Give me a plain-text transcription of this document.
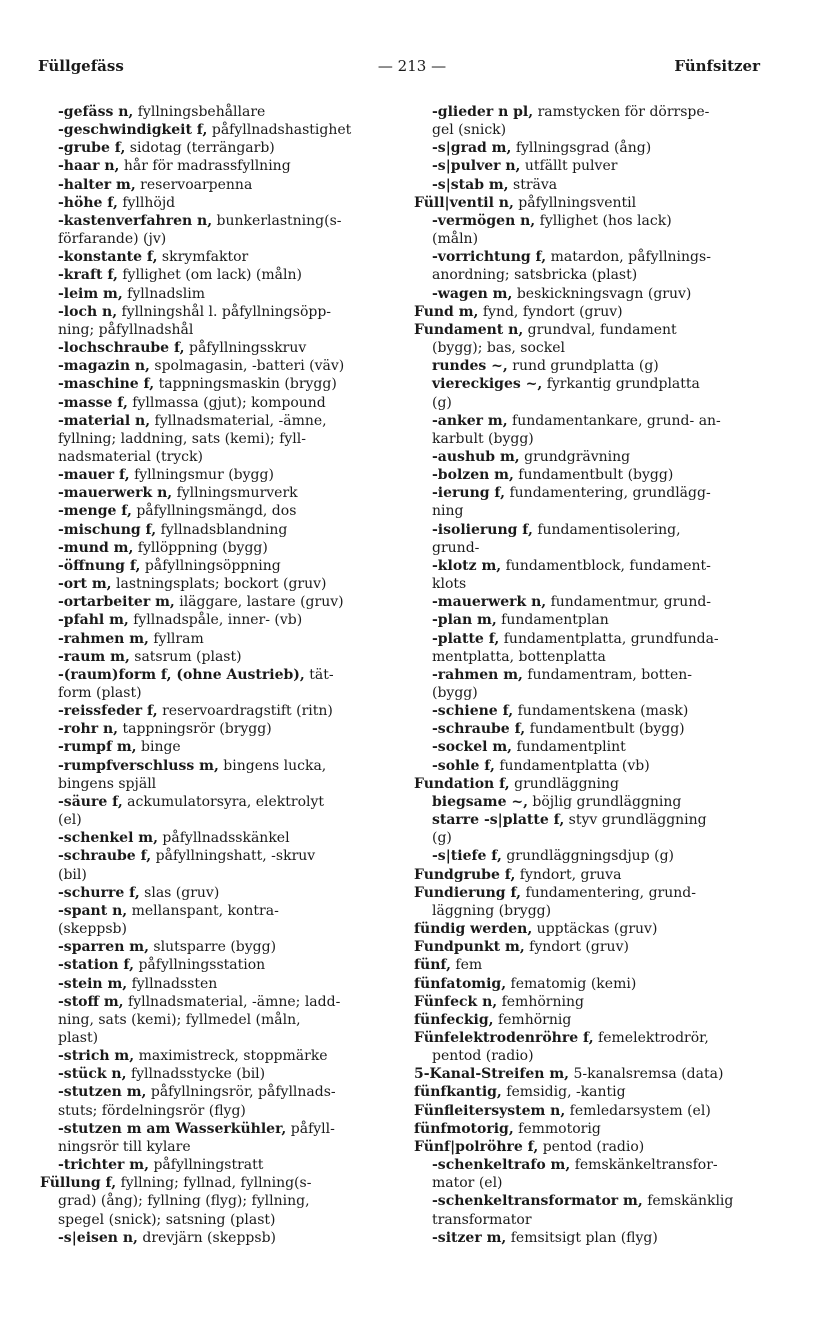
Füllgefäss	— 213 —	Fünfsitzer
-gefäss n, fyllningsbehållare
-geschwindigkeit f, påfyllnadshastighet
-grube f, sidotag (terrängarb)
-haar n, hår för madrassfyllning
-halter m, reservoarpenna
-höhe f, fyllhöjd
-kastenverfahren n, bunkerlastning(s-
förfarande) (jv)
-konstante f, skrymfaktor
-kraft f, fyllighet (om lack) (måln)
-leim m, fyllnadslim
-loch n, fyllningshål l. påfyllningsöpp-
ning; påfyllnadshål
-lochschraube f, påfyllningsskruv
-magazin n, spolmagasin, -batteri (väv)
-maschine f, tappningsmaskin (brygg)
-masse f, fyllmassa (gjut); kompound
-material n, fyllnadsmaterial, -ämne,
fyllning; laddning, sats (kemi); fyll-
nadsmaterial (tryck)
-mauer f, fyllningsmur (bygg)
-mauerwerk n, fyllningsmurverk
-menge f, påfyllningsmängd, dos
-mischung f, fyllnadsblandning
-mund m, fyllöppning (bygg)
-öffnung f, påfyllningsöppning
-ort m, lastningsplats; bockort (gruv)
-ortarbeiter m, iläggare, lastare (gruv)
-pfahl m, fyllnadspåle, inner- (vb)
-rahmen m, fyllram
-raum m, satsrum (plast)
-(raum)form f, (ohne Austrieb), tät-
form (plast)
-reissfeder f, reservoardragstift (ritn)
-rohr n, tappningsrör (brygg)
-rumpf m, binge
-rumpfverschluss m, bingens lucka,
bingens spjäll
-säure f, ackumulatorsyra, elektrolyt
(el)
-schenkel m, påfyllnadsskänkel
-schraube f, påfyllningshatt, -skruv
(bil)
-schurre f, slas (gruv)
-spant n, mellanspant, kontra-
(skeppsb)
-sparren m, slutsparre (bygg)
-station f, påfyllningsstation
-stein m, fyllnadssten
-stoff m, fyllnadsmaterial, -ämne; ladd-
ning, sats (kemi); fyllmedel (måln,
plast)
-strich m, maximistreck, stoppmärke
-stück n, fyllnadsstycke (bil)
-stutzen m, påfyllningsrör, påfyllnads-
stuts; fördelningsrör (flyg)
-stutzen m am Wasserkühler, påfyll-
ningsrör till kylare
-trichter m, påfyllningstratt
Füllung f, fyllning; fyllnad, fyllning(s-
grad) (ång); fyllning (flyg); fyllning,
spegel (snick); satsning (plast)
-s|eisen n, drevjärn (skeppsb)
-glieder n pl, ramstycken för dörrspe-
gel (snick)
-s|grad m, fyllningsgrad (ång)
-s|pulver n, utfällt pulver
-s|stab m, sträva
Füll|ventil n, påfyllningsventil
-vermögen n, fyllighet (hos lack)
(måln)
-vorrichtung f, matardon, påfyllnings-
anordning; satsbricka (plast)
-wagen m, beskickningsvagn (gruv)
Fund m, fynd, fyndort (gruv)
Fundament n, grundval, fundament
(bygg); bas, sockel
rundes ~, rund grundplatta (g)
viereckiges ~, fyrkantig grundplatta
(g)
-anker m, fundamentankare, grund- an-
karbult (bygg)
-aushub m, grundgrävning
-bolzen m, fundamentbult (bygg)
-ierung f, fundamentering, grundlägg-
ning
-isolierung f, fundamentisolering,
grund-
-klotz m, fundamentblock, fundament-
klots
-mauerwerk n, fundamentmur, grund-
-plan m, fundamentplan
-platte f, fundamentplatta, grundfunda-
mentplatta, bottenplatta
-rahmen m, fundamentram, botten-
(bygg)
-schiene f, fundamentskena (mask)
-schraube f, fundamentbult (bygg)
-sockel m, fundamentplint
-sohle f, fundamentplatta (vb)
Fundation f, grundläggning
biegsame ~, böjlig grundläggning
starre -s|platte f, styv grundläggning
(g)
-s|tiefe f, grundläggningsdjup (g)
Fundgrube f, fyndort, gruva
Fundierung f, fundamentering, grund-
läggning (brygg)
fündig werden, upptäckas (gruv)
Fundpunkt m, fyndort (gruv)
fünf, fem
fünfatomig, fematomig (kemi)
Fünfeck n, femhörning
fünfeckig, femhörnig
Fünfelektrodenröhre f, femelektrodrör,
pentod (radio)
5-Kanal-Streifen m, 5-kanalsremsa (data)
fünfkantig, femsidig, -kantig
Fünfleitersystem n, femledarsystem (el)
fünfmotorig, femmotorig
Fünf|polröhre f, pentod (radio)
-schenkeltrafo m, femskänkeltransfor-
mator (el)
-schenkeltransformator m, femskänklig
transformator
-sitzer m, femsitsigt plan (flyg)
